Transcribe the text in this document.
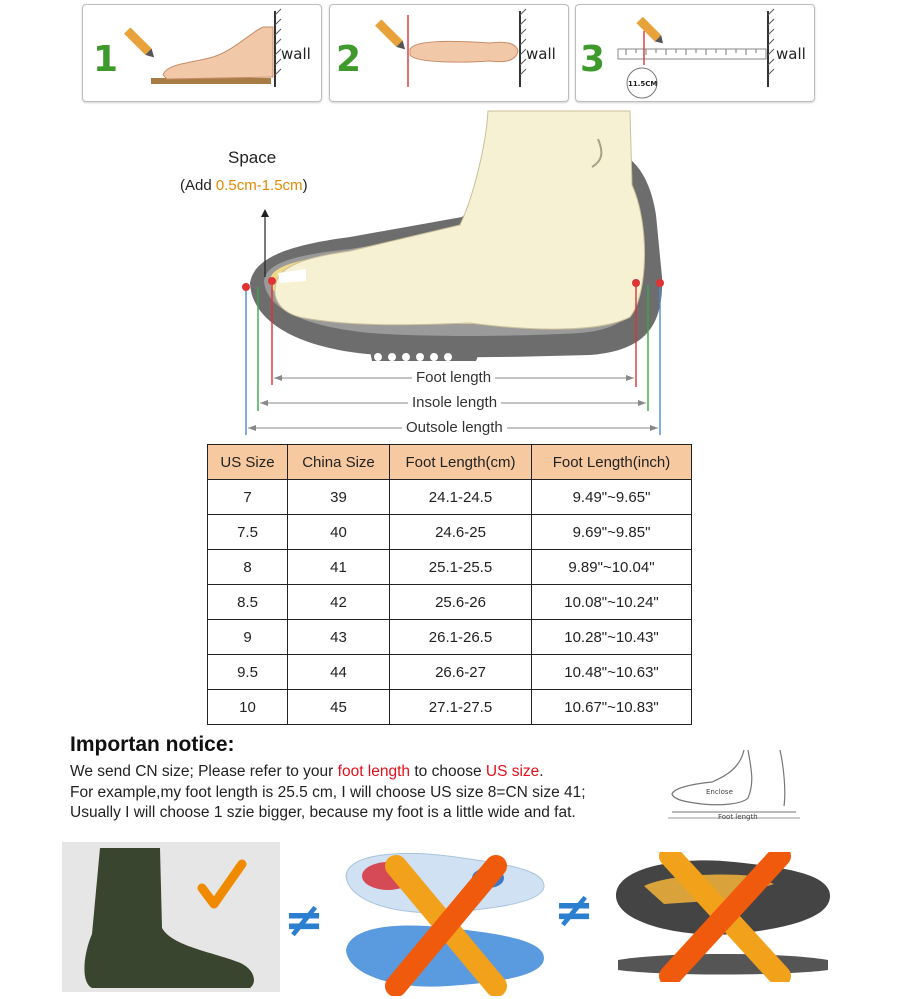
1	wall 2	wall 3
11.5CM
wall
Space
(Add 0.5cm-1.5cm)
Foot length
Insole length
Outsole length
US Size	China Size	Foot Length(cm)	Foot Length(inch)
7	39	24.1-24.5	9.49"~9.65"
7.5	40	24.6-25	9.69"~9.85"
8	41	25.1-25.5	9.89"~10.04"
8.5	42	25.6-26	10.08"~10.24"
9	43	26.1-26.5	10.28"~10.43"
9.5	44	26.6-27	10.48"~10.63"
10	45	27.1-27.5	10.67"~10.83"
Importan notice:
We send CN size; Please refer to your foot length to choose US size.
For example,my foot length is 25.5 cm, I will choose US size 8=CN size 41;
Usually I will choose 1 szie bigger, because my foot is a little wide and fat.
Enclose
Foot length
≠	≠
